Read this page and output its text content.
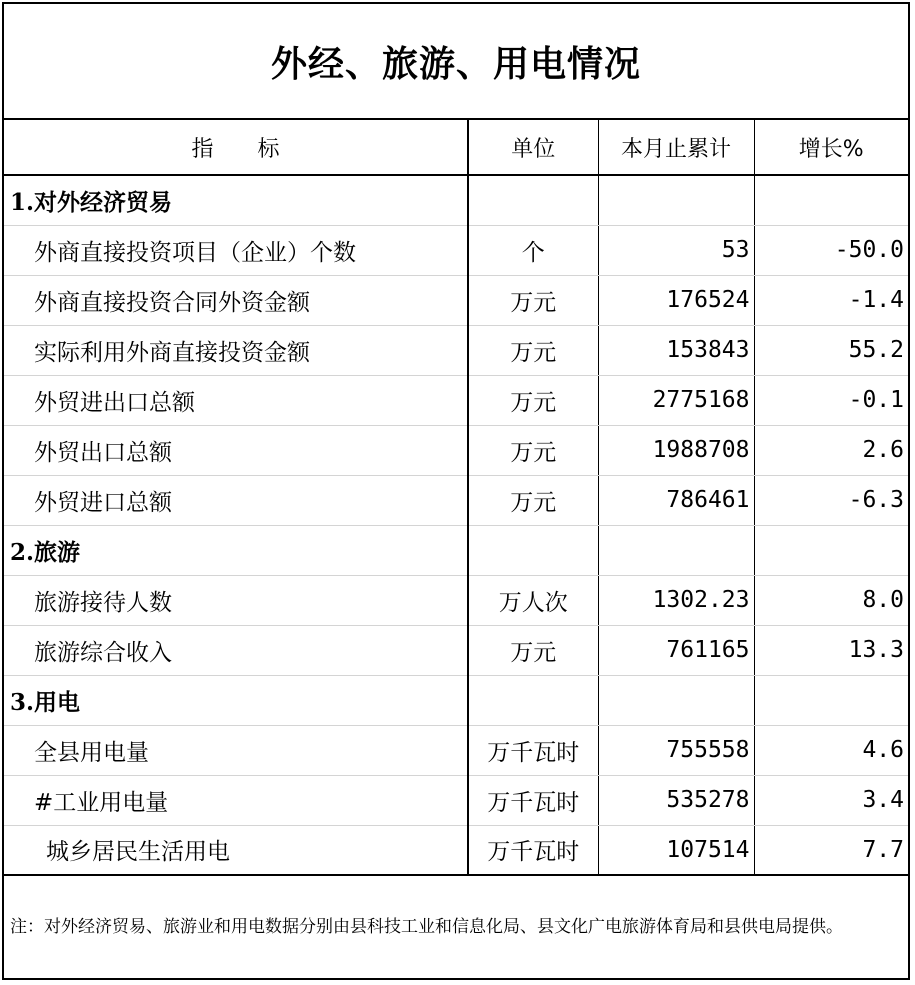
外经、旅游、用电情况
指　　标	单位	本月止累计	增长%
1.对外经济贸易			
外商直接投资项目（企业）个数	个	53	-50.0
外商直接投资合同外资金额	万元	176524	-1.4
实际利用外商直接投资金额	万元	153843	55.2
外贸进出口总额	万元	2775168	-0.1
外贸出口总额	万元	1988708	2.6
外贸进口总额	万元	786461	-6.3
2.旅游			
旅游接待人数	万人次	1302.23	8.0
旅游综合收入	万元	761165	13.3
3.用电			
全县用电量	万千瓦时	755558	4.6
#工业用电量	万千瓦时	535278	3.4
城乡居民生活用电	万千瓦时	107514	7.7
注：对外经济贸易、旅游业和用电数据分别由县科技工业和信息化局、县文化广电旅游体育局和县供电局提供。
